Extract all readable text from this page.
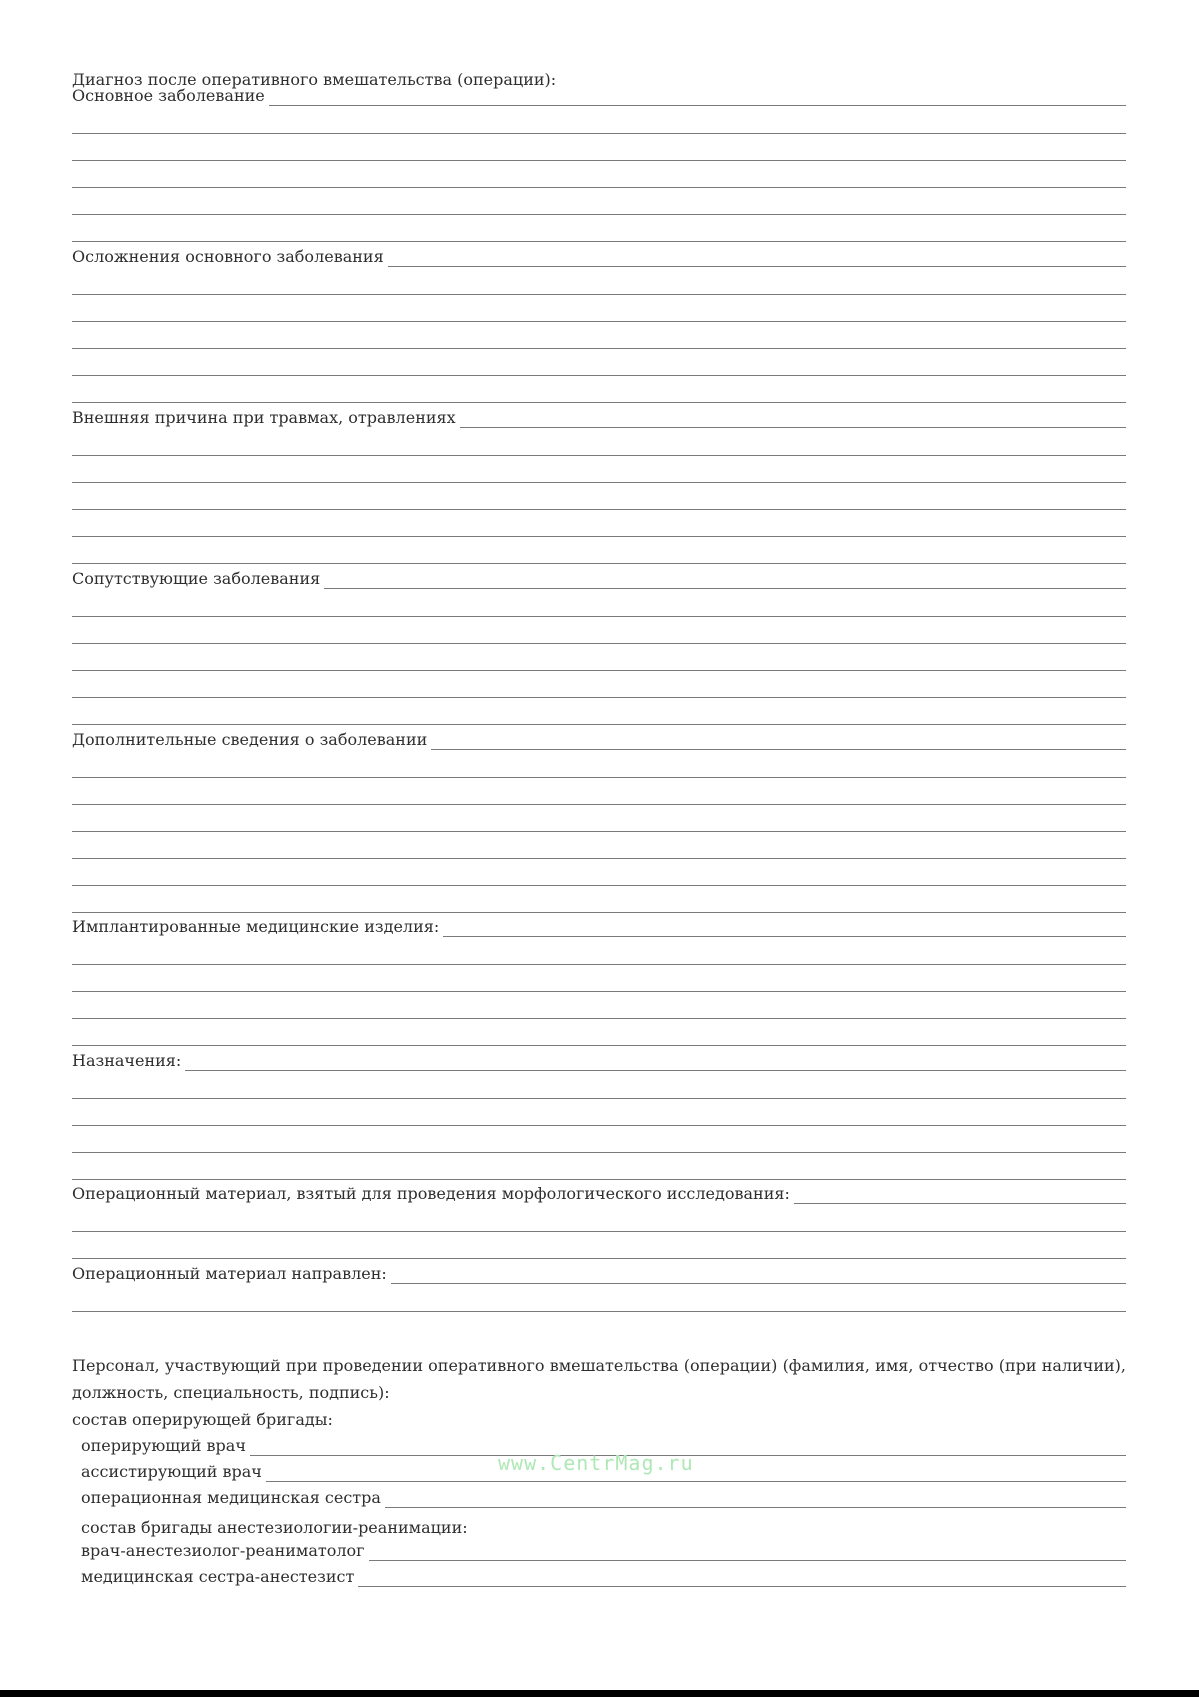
Диагноз после оперативного вмешательства (операции):
Основное заболевание
Осложнения основного заболевания
Внешняя причина при травмах, отравлениях
Сопутствующие заболевания
Дополнительные сведения о заболевании
Имплантированные медицинские изделия:
Назначения:
Операционный материал, взятый для проведения морфологического исследования:
Операционный материал направлен:
Персонал, участвующий при проведении оперативного вмешательства (операции) (фамилия, имя, отчество (при наличии), должность, специальность, подпись):
состав оперирующей бригады:
оперирующий врач
ассистирующий врач
операционная медицинская сестра
состав бригады анестезиологии-реанимации:
врач-анестезиолог-реаниматолог
медицинская сестра-анестезист
www.CentrMag.ru
